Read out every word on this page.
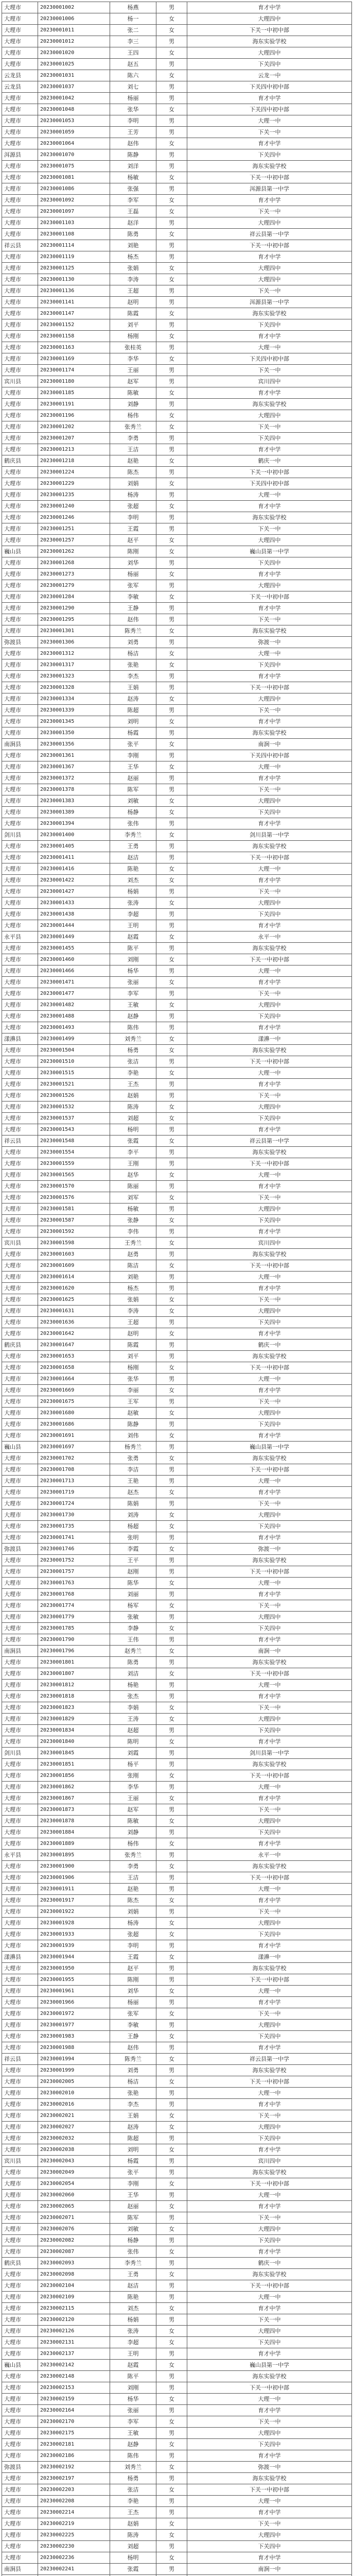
大理市	20230001002	杨燕	男	育才中学
大理市	20230001006	杨一	女	大理四中
大理市	20230001011	张二	女	下关一中初中部
大理市	20230001012	李三	男	海东实验学校
大理市	20230001020	王四	女	大理四中
大理市	20230001025	赵五	男	下关四中
云龙县	20230001031	陈六	女	云龙一中
云龙县	20230001037	刘七	男	下关四中初中部
大理市	20230001042	杨丽	男	育才中学
大理市	20230001048	张华	女	下关四中初中部
大理市	20230001053	李明	男	大理一中
大理市	20230001059	王芳	男	下关一中
大理市	20230001064	赵伟	女	育才中学
洱源县	20230001070	陈静	男	下关四中
大理市	20230001075	刘洋	男	海东实验学校
大理市	20230001081	杨敏	女	下关一中初中部
大理市	20230001086	张强	男	洱源县第一中学
大理市	20230001092	李军	女	育才中学
大理市	20230001097	王磊	女	下关一中
大理市	20230001103	赵洋	男	大理四中
大理市	20230001108	陈勇	女	祥云县第一中学
祥云县	20230001114	刘艳	男	下关一中初中部
大理市	20230001119	杨杰	男	育才中学
大理市	20230001125	张娟	女	大理四中
大理市	20230001130	李涛	女	大理四中
大理市	20230001136	王超	男	下关一中
大理市	20230001141	赵明	男	洱源县第一中学
大理市	20230001147	陈霞	女	海东实验学校
大理市	20230001152	刘平	男	下关四中
大理市	20230001158	杨刚	女	育才中学
大理市	20230001163	张桂英	男	大理一中
大理市	20230001169	李华	女	下关四中初中部
大理市	20230001174	王丽	男	下关一中
宾川县	20230001180	赵军	男	宾川四中
大理市	20230001185	陈敏	女	育才中学
大理市	20230001191	刘静	男	海东实验学校
大理市	20230001196	杨伟	女	大理四中
大理市	20230001202	张秀兰	女	下关一中
大理市	20230001207	李勇	男	下关四中
大理市	20230001213	王洁	男	育才中学
鹤庆县	20230001218	赵艳	女	鹤庆一中
大理市	20230001224	陈杰	男	下关一中初中部
大理市	20230001229	刘娟	女	下关四中初中部
大理市	20230001235	杨涛	男	大理一中
大理市	20230001240	张超	女	育才中学
大理市	20230001246	李明	男	海东实验学校
大理市	20230001251	王霞	男	下关一中
大理市	20230001257	赵平	女	大理四中
巍山县	20230001262	陈刚	女	巍山县第一中学
大理市	20230001268	刘华	男	下关四中
大理市	20230001273	杨丽	女	育才中学
大理市	20230001279	张军	男	大理四中
大理市	20230001284	李敏	女	下关一中初中部
大理市	20230001290	王静	男	育才中学
大理市	20230001295	赵伟	男	下关一中
大理市	20230001301	陈秀兰	女	海东实验学校
弥渡县	20230001306	刘勇	男	弥渡一中
大理市	20230001312	杨洁	女	大理一中
大理市	20230001317	张艳	女	下关四中
大理市	20230001323	李杰	男	育才中学
大理市	20230001328	王娟	男	下关一中初中部
大理市	20230001334	赵涛	女	大理四中
大理市	20230001339	陈超	男	下关一中
大理市	20230001345	刘明	女	育才中学
大理市	20230001350	杨霞	男	海东实验学校
南涧县	20230001356	张平	女	南涧一中
大理市	20230001361	李刚	男	下关四中初中部
大理市	20230001367	王华	女	大理一中
大理市	20230001372	赵丽	男	育才中学
大理市	20230001378	陈军	男	下关一中
大理市	20230001383	刘敏	女	大理四中
大理市	20230001389	杨静	女	下关四中
大理市	20230001394	张伟	男	育才中学
剑川县	20230001400	李秀兰	女	剑川县第一中学
大理市	20230001405	王勇	男	海东实验学校
大理市	20230001411	赵洁	男	下关一中初中部
大理市	20230001416	陈艳	女	大理一中
大理市	20230001422	刘杰	女	育才中学
大理市	20230001427	杨娟	男	下关一中
大理市	20230001433	张涛	女	大理四中
大理市	20230001438	李超	男	下关四中
大理市	20230001444	王明	男	育才中学
永平县	20230001449	赵霞	女	永平一中
大理市	20230001455	陈平	男	海东实验学校
大理市	20230001460	刘刚	女	下关一中初中部
大理市	20230001466	杨华	男	大理一中
大理市	20230001471	张丽	女	育才中学
大理市	20230001477	李军	男	下关一中
大理市	20230001482	王敏	女	大理四中
大理市	20230001488	赵静	男	下关四中
大理市	20230001493	陈伟	男	育才中学
漾濞县	20230001499	刘秀兰	女	漾濞一中
大理市	20230001504	杨勇	女	海东实验学校
大理市	20230001510	张洁	男	下关一中初中部
大理市	20230001515	李艳	女	大理一中
大理市	20230001521	王杰	男	育才中学
大理市	20230001526	赵娟	男	下关一中
大理市	20230001532	陈涛	女	大理四中
大理市	20230001537	刘超	女	下关四中
大理市	20230001543	杨明	男	育才中学
祥云县	20230001548	张霞	女	祥云县第一中学
大理市	20230001554	李平	男	海东实验学校
大理市	20230001559	王刚	男	下关一中初中部
大理市	20230001565	赵华	女	大理一中
大理市	20230001570	陈丽	男	育才中学
大理市	20230001576	刘军	女	下关一中
大理市	20230001581	杨敏	男	大理四中
大理市	20230001587	张静	女	下关四中
大理市	20230001592	李伟	男	育才中学
宾川县	20230001598	王秀兰	女	宾川四中
大理市	20230001603	赵勇	男	海东实验学校
大理市	20230001609	陈洁	女	下关一中初中部
大理市	20230001614	刘艳	男	大理一中
大理市	20230001620	杨杰	男	育才中学
大理市	20230001625	张娟	女	下关一中
大理市	20230001631	李涛	女	大理四中
大理市	20230001636	王超	男	下关四中
大理市	20230001642	赵明	女	育才中学
鹤庆县	20230001647	陈霞	男	鹤庆一中
大理市	20230001653	刘平	男	海东实验学校
大理市	20230001658	杨刚	女	下关一中初中部
大理市	20230001664	张华	男	大理一中
大理市	20230001669	李丽	女	育才中学
大理市	20230001675	王军	男	下关一中
大理市	20230001680	赵敏	女	大理四中
大理市	20230001686	陈静	男	下关四中
大理市	20230001691	刘伟	女	育才中学
巍山县	20230001697	杨秀兰	男	巍山县第一中学
大理市	20230001702	张勇	女	海东实验学校
大理市	20230001708	李洁	男	下关一中初中部
大理市	20230001713	王艳	男	大理一中
大理市	20230001719	赵杰	女	育才中学
大理市	20230001724	陈娟	男	下关一中
大理市	20230001730	刘涛	女	大理四中
大理市	20230001735	杨超	女	下关四中
大理市	20230001741	张明	男	育才中学
弥渡县	20230001746	李霞	女	弥渡一中
大理市	20230001752	王平	男	海东实验学校
大理市	20230001757	赵刚	男	下关一中初中部
大理市	20230001763	陈华	女	大理一中
大理市	20230001768	刘丽	男	育才中学
大理市	20230001774	杨军	女	下关一中
大理市	20230001779	张敏	男	大理四中
大理市	20230001785	李静	女	下关四中
大理市	20230001790	王伟	男	育才中学
南涧县	20230001796	赵秀兰	女	南涧一中
大理市	20230001801	陈勇	男	海东实验学校
大理市	20230001807	刘洁	女	下关一中初中部
大理市	20230001812	杨艳	男	大理一中
大理市	20230001818	张杰	男	育才中学
大理市	20230001823	李娟	女	下关一中
大理市	20230001829	王涛	女	大理四中
大理市	20230001834	赵超	男	下关四中
大理市	20230001840	陈明	女	育才中学
剑川县	20230001845	刘霞	男	剑川县第一中学
大理市	20230001851	杨平	男	海东实验学校
大理市	20230001856	张刚	女	下关一中初中部
大理市	20230001862	李华	男	大理一中
大理市	20230001867	王丽	女	育才中学
大理市	20230001873	赵军	男	下关一中
大理市	20230001878	陈敏	女	大理四中
大理市	20230001884	刘静	男	下关四中
大理市	20230001889	杨伟	女	育才中学
永平县	20230001895	张秀兰	男	永平一中
大理市	20230001900	李勇	女	海东实验学校
大理市	20230001906	王洁	男	下关一中初中部
大理市	20230001911	赵艳	男	大理一中
大理市	20230001917	陈杰	女	育才中学
大理市	20230001922	刘娟	男	下关一中
大理市	20230001928	杨涛	女	大理四中
大理市	20230001933	张超	女	下关四中
大理市	20230001939	李明	男	育才中学
漾濞县	20230001944	王霞	女	漾濞一中
大理市	20230001950	赵平	男	海东实验学校
大理市	20230001955	陈刚	男	下关一中初中部
大理市	20230001961	刘华	女	大理一中
大理市	20230001966	杨丽	男	育才中学
大理市	20230001972	张军	女	下关一中
大理市	20230001977	李敏	男	大理四中
大理市	20230001983	王静	女	下关四中
大理市	20230001988	赵伟	男	育才中学
祥云县	20230001994	陈秀兰	女	祥云县第一中学
大理市	20230001999	刘勇	男	海东实验学校
大理市	20230002005	杨洁	女	下关一中初中部
大理市	20230002010	张艳	男	大理一中
大理市	20230002016	李杰	男	育才中学
大理市	20230002021	王娟	女	下关一中
大理市	20230002027	赵涛	女	大理四中
大理市	20230002032	陈超	男	下关四中
大理市	20230002038	刘明	女	育才中学
宾川县	20230002043	杨霞	男	宾川四中
大理市	20230002049	张平	男	海东实验学校
大理市	20230002054	李刚	女	下关一中初中部
大理市	20230002060	王华	男	大理一中
大理市	20230002065	赵丽	女	育才中学
大理市	20230002071	陈军	男	下关一中
大理市	20230002076	刘敏	女	大理四中
大理市	20230002082	杨静	男	下关四中
大理市	20230002087	张伟	女	育才中学
鹤庆县	20230002093	李秀兰	男	鹤庆一中
大理市	20230002098	王勇	女	海东实验学校
大理市	20230002104	赵洁	男	下关一中初中部
大理市	20230002109	陈艳	男	大理一中
大理市	20230002115	刘杰	女	育才中学
大理市	20230002120	杨娟	男	下关一中
大理市	20230002126	张涛	女	大理四中
大理市	20230002131	李超	女	下关四中
大理市	20230002137	王明	男	育才中学
巍山县	20230002142	赵霞	女	巍山县第一中学
大理市	20230002148	陈平	男	海东实验学校
大理市	20230002153	刘刚	男	下关一中初中部
大理市	20230002159	杨华	女	大理一中
大理市	20230002164	张丽	男	育才中学
大理市	20230002170	李军	女	下关一中
大理市	20230002175	王敏	男	大理四中
大理市	20230002181	赵静	女	下关四中
大理市	20230002186	陈伟	男	育才中学
弥渡县	20230002192	刘秀兰	女	弥渡一中
大理市	20230002197	杨勇	男	海东实验学校
大理市	20230002203	张洁	女	下关一中初中部
大理市	20230002208	李艳	男	大理一中
大理市	20230002214	王杰	男	育才中学
大理市	20230002219	赵娟	女	下关一中
大理市	20230002225	陈涛	女	大理四中
大理市	20230002230	刘超	男	下关四中
大理市	20230002236	杨明	女	育才中学
南涧县	20230002241	张霞	男	南涧一中
